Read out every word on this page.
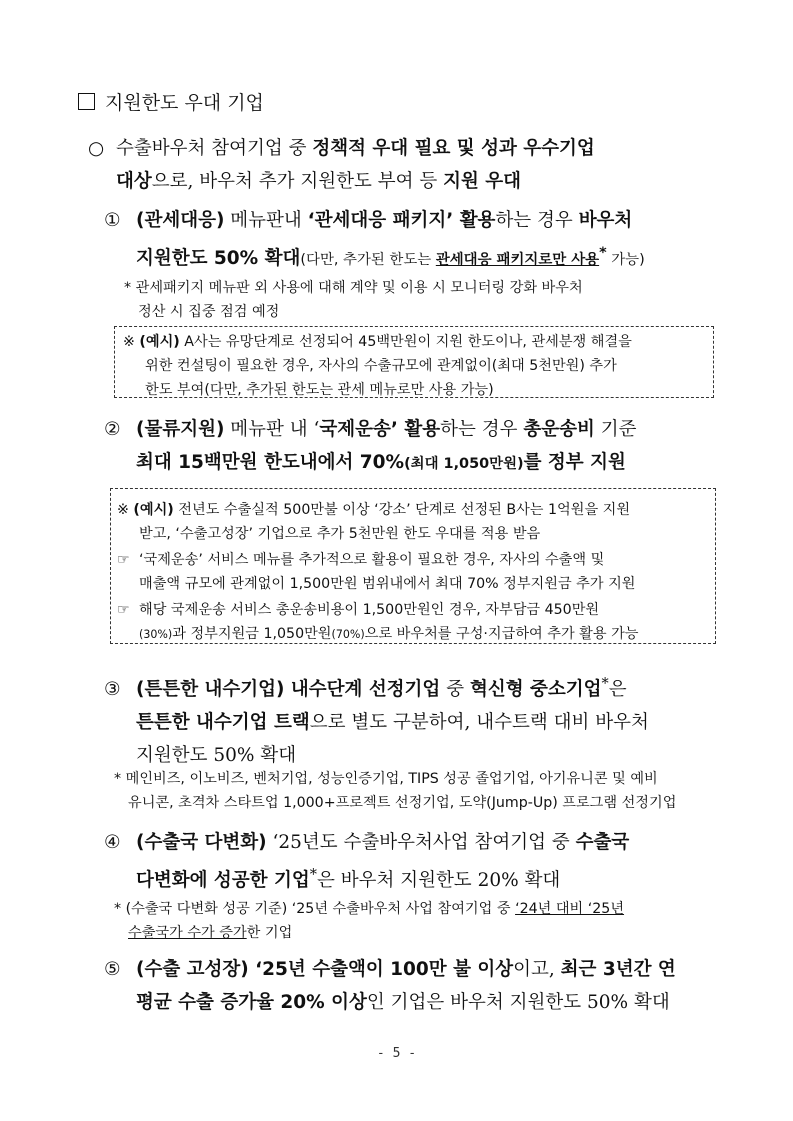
지원한도 우대 기업
○ 수출바우처 참여기업 중 정책적 우대 필요 및 성과 우수기업
대상으로, 바우처 추가 지원한도 부여 등 지원 우대
① (관세대응) 메뉴판내 ‘관세대응 패키지’ 활용하는 경우 바우처
지원한도 50% 확대(다만, 추가된 한도는 관세대응 패키지로만 사용* 가능)
* 관세패키지 메뉴판 외 사용에 대해 계약 및 이용 시 모니터링 강화 바우처
정산 시 집중 점검 예정
※ (예시) A사는 유망단계로 선정되어 45백만원이 지원 한도이나, 관세분쟁 해결을
위한 컨설팅이 필요한 경우, 자사의 수출규모에 관계없이(최대 5천만원) 추가
한도 부여(다만, 추가된 한도는 관세 메뉴로만 사용 가능)
② (물류지원) 메뉴판 내 ‘국제운송’ 활용하는 경우 총운송비 기준
최대 15백만원 한도내에서 70%(최대 1,050만원)를 정부 지원
※ (예시) 전년도 수출실적 500만불 이상 ‘강소’ 단계로 선정된 B사는 1억원을 지원
받고, ‘수출고성장’ 기업으로 추가 5천만원 한도 우대를 적용 받음
☞ ‘국제운송’ 서비스 메뉴를 추가적으로 활용이 필요한 경우, 자사의 수출액 및
매출액 규모에 관계없이 1,500만원 범위내에서 최대 70% 정부지원금 추가 지원
☞ 해당 국제운송 서비스 총운송비용이 1,500만원인 경우, 자부담금 450만원
(30%)과 정부지원금 1,050만원(70%)으로 바우처를 구성·지급하여 추가 활용 가능
③ (튼튼한 내수기업) 내수단계 선정기업 중 혁신형 중소기업*은
튼튼한 내수기업 트랙으로 별도 구분하여, 내수트랙 대비 바우처
지원한도 50% 확대
* 메인비즈, 이노비즈, 벤처기업, 성능인증기업, TIPS 성공 졸업기업, 아기유니콘 및 예비
유니콘, 초격차 스타트업 1,000+프로젝트 선정기업, 도약(Jump-Up) 프로그램 선정기업
④ (수출국 다변화) ‘25년도 수출바우처사업 참여기업 중 수출국
다변화에 성공한 기업*은 바우처 지원한도 20% 확대
* (수출국 다변화 성공 기준) ‘25년 수출바우처 사업 참여기업 중 ‘24년 대비 ‘25년
수출국가 수가 증가한 기업
⑤ (수출 고성장) ‘25년 수출액이 100만 불 이상이고, 최근 3년간 연
평균 수출 증가율 20% 이상인 기업은 바우처 지원한도 50% 확대
- 5 -
